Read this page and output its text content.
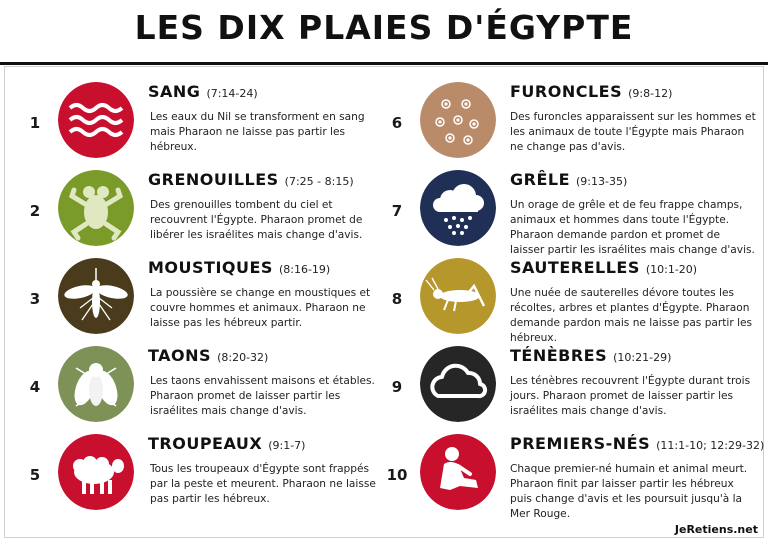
LES DIX PLAIES D'ÉGYPTE
1
SANG (7:14-24)
Les eaux du Nil se transforment en sang mais Pharaon ne laisse pas partir les hébreux.
2
GRENOUILLES (7:25 - 8:15)
Des grenouilles tombent du ciel et recouvrent l'Égypte. Pharaon promet de libérer les israélites mais change d'avis.
3
MOUSTIQUES (8:16-19)
La poussière se change en moustiques et couvre hommes et animaux. Pharaon ne laisse pas les hébreux partir.
4
TAONS (8:20-32)
Les taons envahissent maisons et étables. Pharaon promet de laisser partir les israélites mais change d'avis.
5
TROUPEAUX (9:1-7)
Tous les troupeaux d'Égypte sont frappés par la peste et meurent. Pharaon ne laisse pas partir les hébreux.
6
FURONCLES (9:8-12)
Des furoncles apparaissent sur les hommes et les animaux de toute l'Égypte mais Pharaon ne change pas d'avis.
7
GRÊLE (9:13-35)
Un orage de grêle et de feu frappe champs, animaux et hommes dans toute l'Égypte. Pharaon demande pardon et promet de laisser partir les israélites mais change d'avis.
8
SAUTERELLES (10:1-20)
Une nuée de sauterelles dévore toutes les récoltes, arbres et plantes d'Égypte. Pharaon demande pardon mais ne laisse pas partir les hébreux.
9
TÉNÈBRES (10:21-29)
Les ténèbres recouvrent l'Égypte durant trois jours. Pharaon promet de laisser partir les israélites mais change d'avis.
10
PREMIERS-NÉS (11:1-10; 12:29-32)
Chaque premier-né humain et animal meurt. Pharaon finit par laisser partir les hébreux puis change d'avis et les poursuit jusqu'à la Mer Rouge.
JeRetiens.net
